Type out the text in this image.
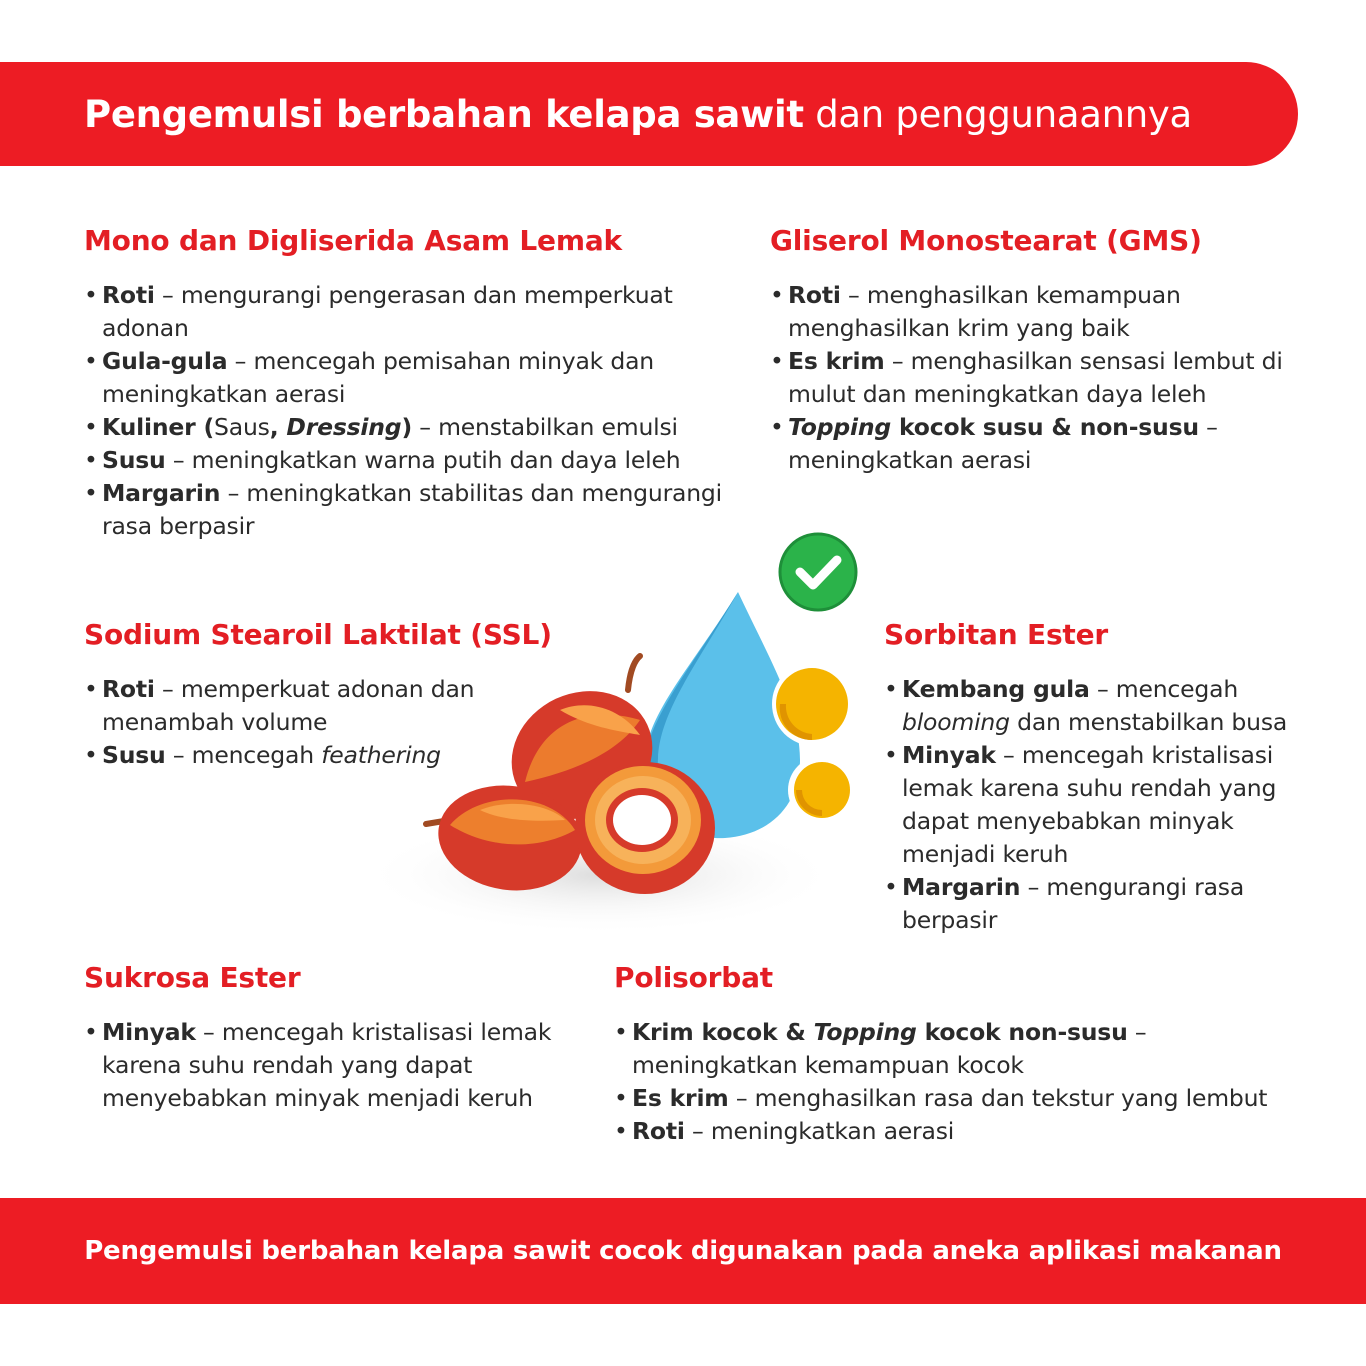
Pengemulsi berbahan kelapa sawit dan penggunaannya
Mono dan Digliserida Asam Lemak
• Roti – mengurangi pengerasan dan memperkuat adonan
• Gula-gula – mencegah pemisahan minyak dan meningkatkan aerasi
• Kuliner (Saus, Dressing) – menstabilkan emulsi
• Susu – meningkatkan warna putih dan daya leleh
• Margarin – meningkatkan stabilitas dan mengurangi rasa berpasir
Gliserol Monostearat (GMS)
• Roti – menghasilkan kemampuan menghasilkan krim yang baik
• Es krim – menghasilkan sensasi lembut di mulut dan meningkatkan daya leleh
• Topping kocok susu & non-susu – meningkatkan aerasi
Sodium Stearoil Laktilat (SSL)
• Roti – memperkuat adonan dan menambah volume
• Susu – mencegah feathering
Sorbitan Ester
• Kembang gula – mencegah blooming dan menstabilkan busa
• Minyak – mencegah kristalisasi lemak karena suhu rendah yang dapat menyebabkan minyak menjadi keruh
• Margarin – mengurangi rasa berpasir
Sukrosa Ester
• Minyak – mencegah kristalisasi lemak karena suhu rendah yang dapat menyebabkan minyak menjadi keruh
Polisorbat
• Krim kocok & Topping kocok non-susu – meningkatkan kemampuan kocok
• Es krim – menghasilkan rasa dan tekstur yang lembut
• Roti – meningkatkan aerasi
Pengemulsi berbahan kelapa sawit cocok digunakan pada aneka aplikasi makanan
